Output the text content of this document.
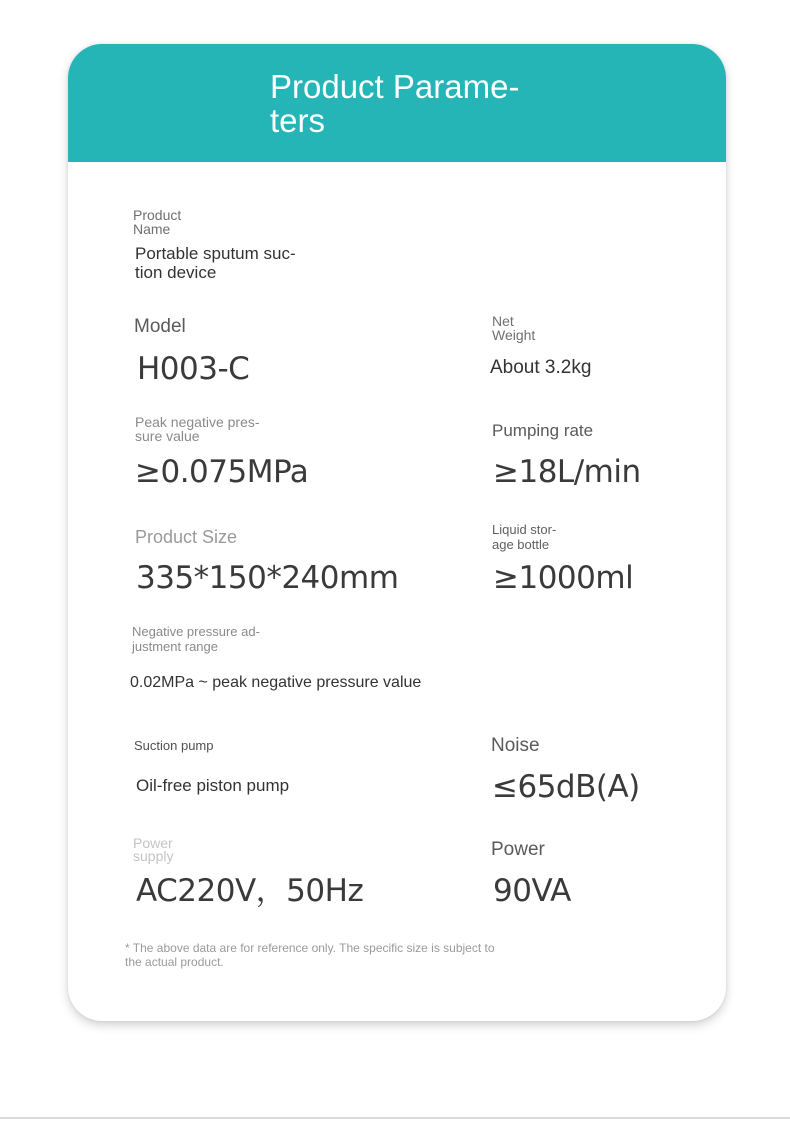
Product Parame-
ters
Product
Name
Portable sputum suc-
tion device
Model
H003-C
Net
Weight
About 3.2kg
Peak negative pres-
sure value
≥0.075MPa
Pumping rate
≥18L/min
Product Size
335*150*240mm
Liquid stor-
age bottle
≥1000ml
Negative pressure ad-
justment range
0.02MPa ~ peak negative pressure value
Suction pump
Oil-free piston pump
Noise
≤65dB(A)
Power
supply
AC220V，50Hz
Power
90VA
* The above data are for reference only. The specific size is subject to
the actual product.
